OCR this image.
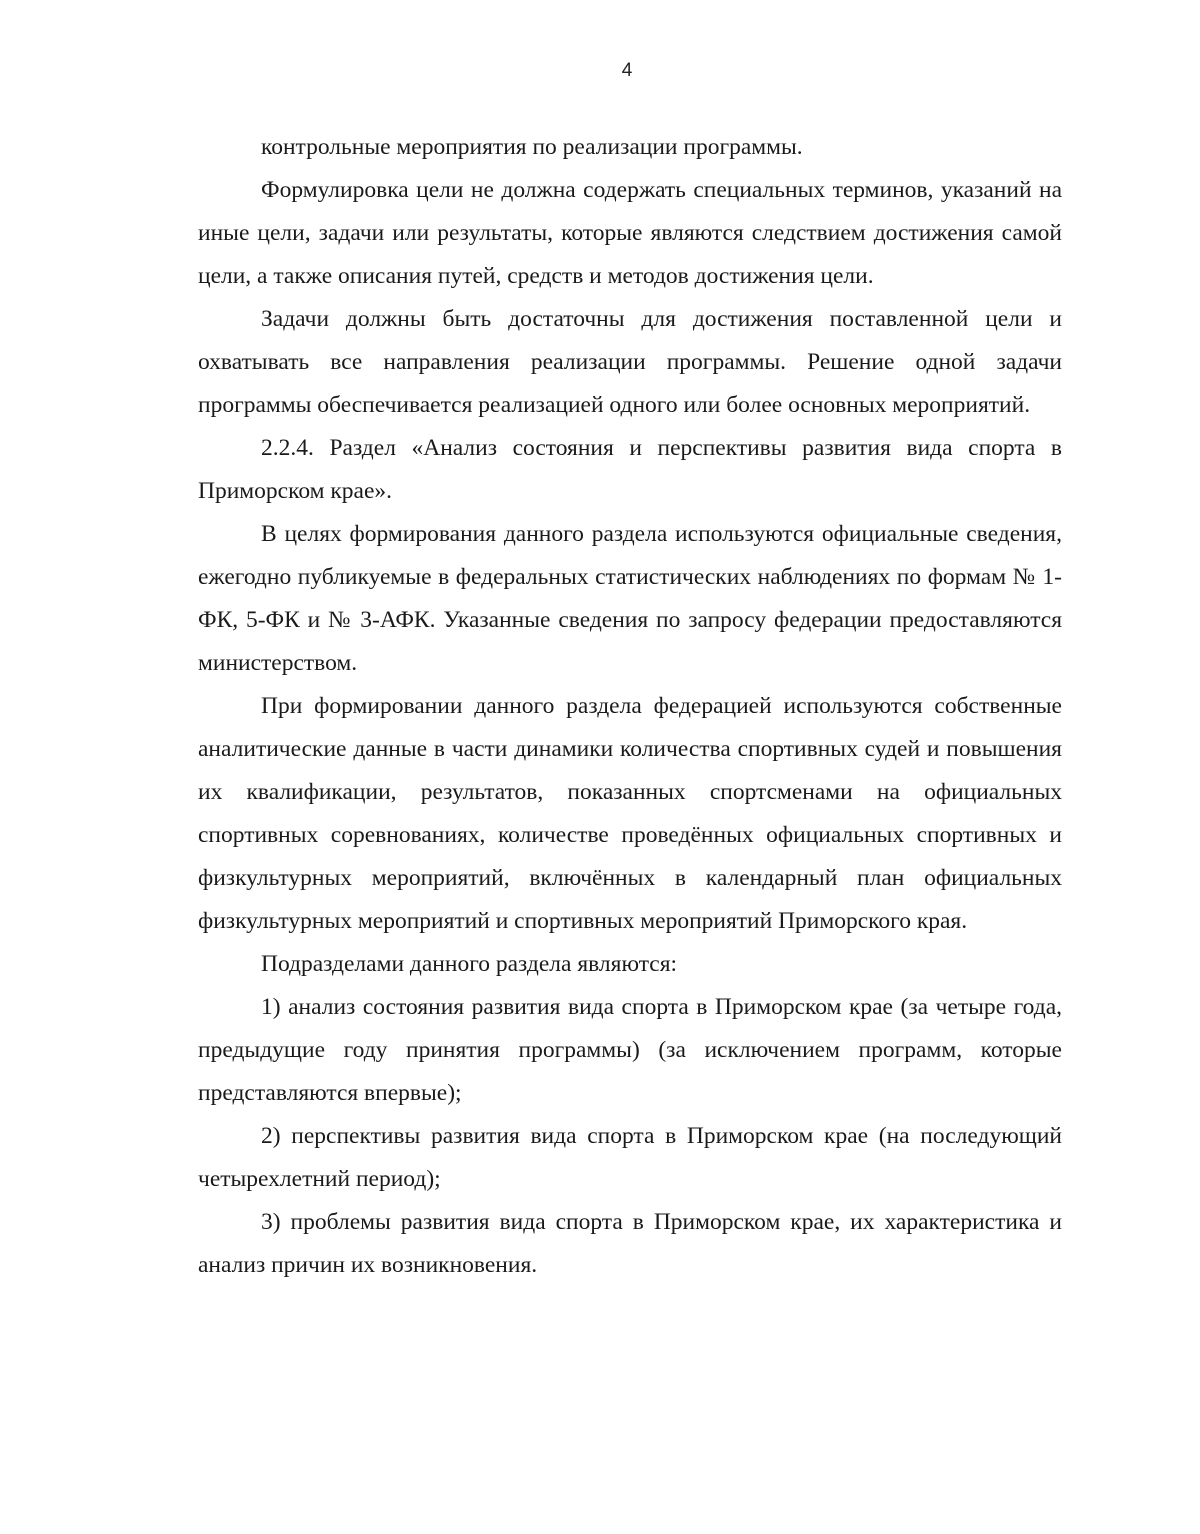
4

контрольные мероприятия по реализации программы.

Формулировка цели не должна содержать специальных терминов, указаний на иные цели, задачи или результаты, которые являются следствием достижения самой цели, а также описания путей, средств и методов достижения цели.

Задачи должны быть достаточны для достижения поставленной цели и охватывать все направления реализации программы. Решение одной задачи программы обеспечивается реализацией одного или более основных мероприятий.

2.2.4. Раздел «Анализ состояния и перспективы развития вида спорта в Приморском крае».

В целях формирования данного раздела используются официальные сведения, ежегодно публикуемые в федеральных статистических наблюдениях по формам № 1-ФК, 5-ФК и № 3-АФК. Указанные сведения по запросу федерации предоставляются министерством.

При формировании данного раздела федерацией используются собственные аналитические данные в части динамики количества спортивных судей и повышения их квалификации, результатов, показанных спортсменами на официальных спортивных соревнованиях, количестве проведённых официальных спортивных и физкультурных мероприятий, включённых в календарный план официальных физкультурных мероприятий и спортивных мероприятий Приморского края.

Подразделами данного раздела являются:

1) анализ состояния развития вида спорта в Приморском крае (за четыре года, предыдущие году принятия программы) (за исключением программ, которые представляются впервые);

2) перспективы развития вида спорта в Приморском крае (на последующий четырехлетний период);

3) проблемы развития вида спорта в Приморском крае, их характеристика и анализ причин их возникновения.
